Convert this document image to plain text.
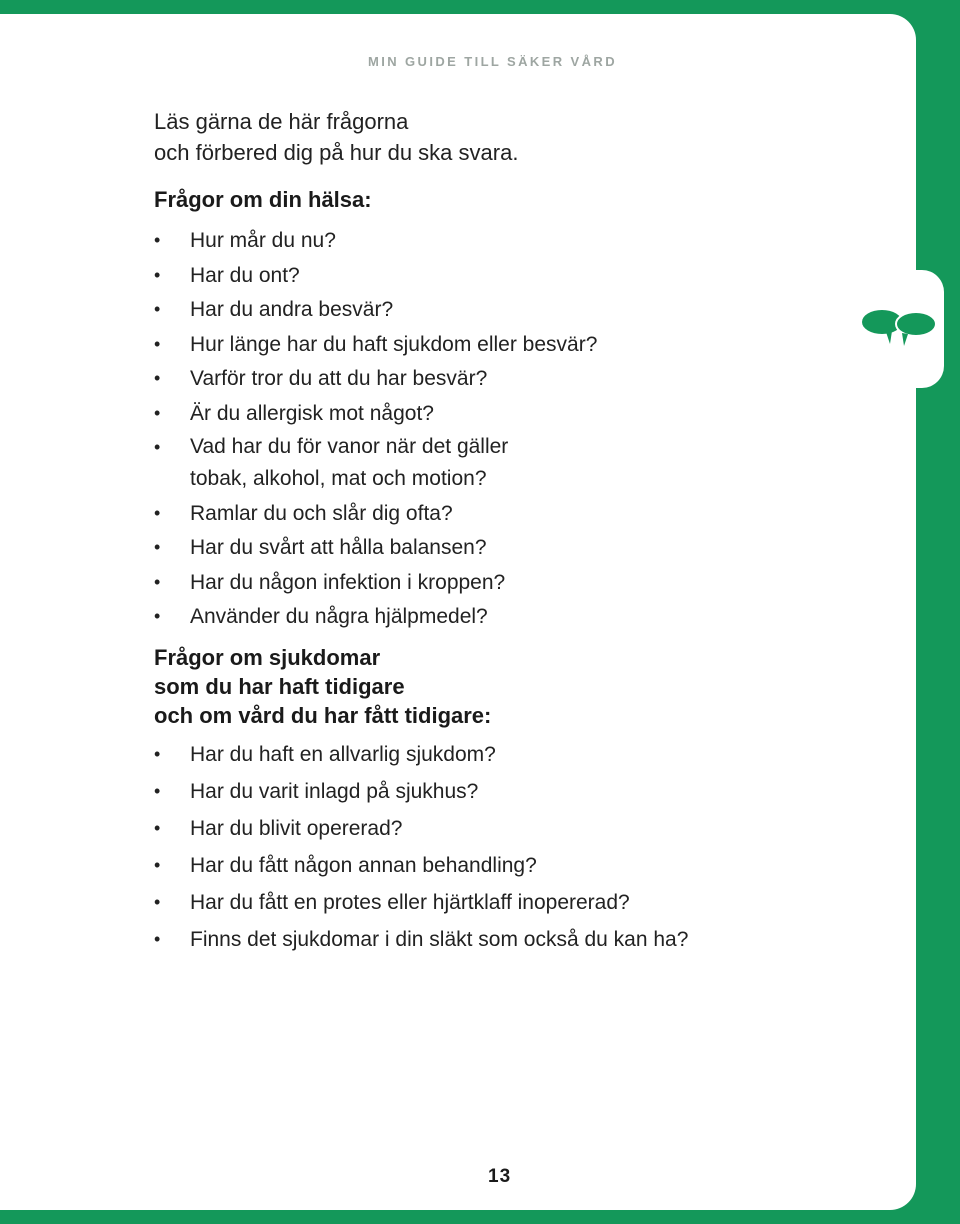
MIN GUIDE TILL SÄKER VÅRD

Läs gärna de här frågorna
och förbered dig på hur du ska svara.

Frågor om din hälsa:
• Hur mår du nu?
• Har du ont?
• Har du andra besvär?
• Hur länge har du haft sjukdom eller besvär?
• Varför tror du att du har besvär?
• Är du allergisk mot något?
• Vad har du för vanor när det gäller
tobak, alkohol, mat och motion?
• Ramlar du och slår dig ofta?
• Har du svårt att hålla balansen?
• Har du någon infektion i kroppen?
• Använder du några hjälpmedel?
Frågor om sjukdomar
som du har haft tidigare
och om vård du har fått tidigare:
• Har du haft en allvarlig sjukdom?
• Har du varit inlagd på sjukhus?
• Har du blivit opererad?
• Har du fått någon annan behandling?
• Har du fått en protes eller hjärtklaff inopererad?
• Finns det sjukdomar i din släkt som också du kan ha?
13
